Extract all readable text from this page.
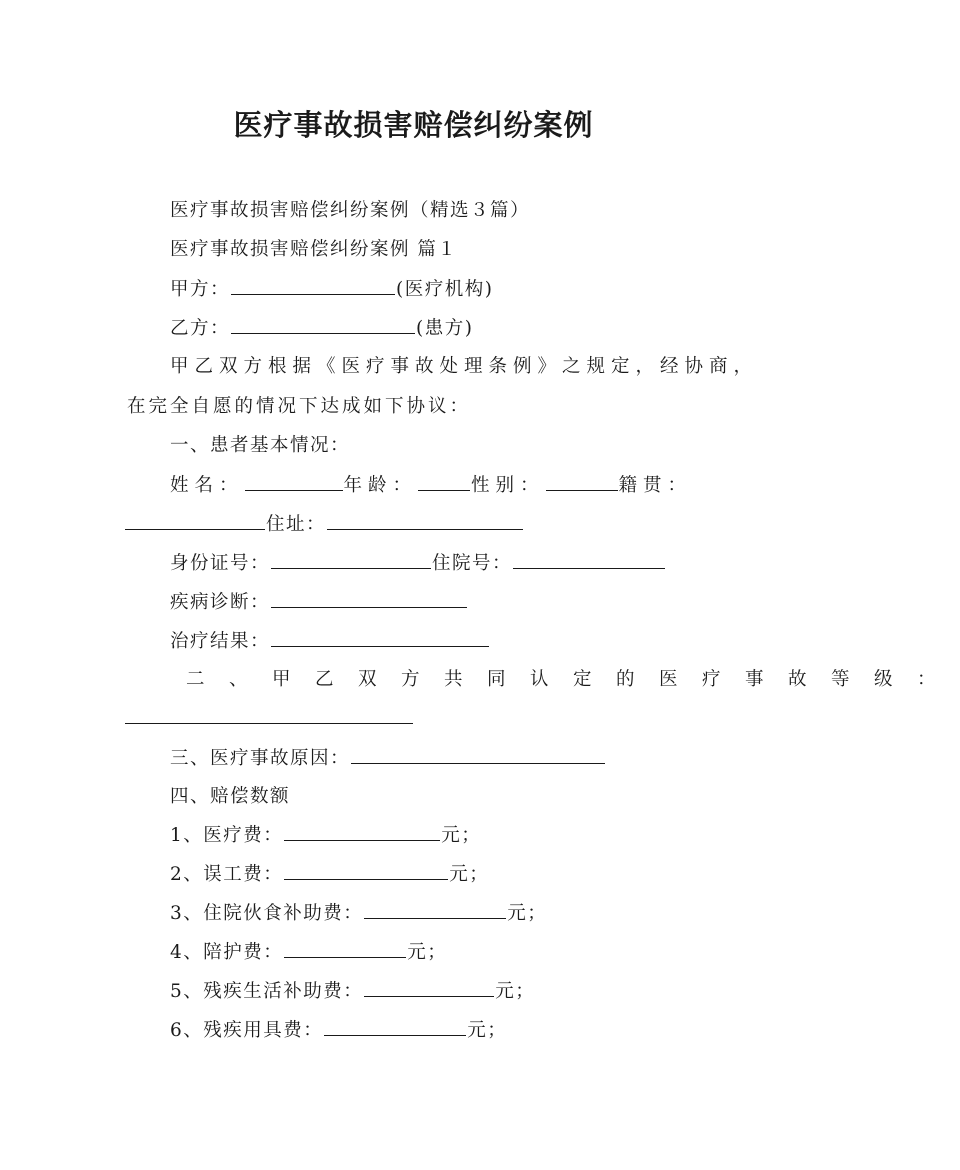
医疗事故损害赔偿纠纷案例
医疗事故损害赔偿纠纷案例（精选３篇）
医疗事故损害赔偿纠纷案例 篇１
甲方：	(医疗机构)
乙方：	(患方)
甲乙双方根据《医疗事故处理条例》之规定，经协商，
在完全自愿的情况下达成如下协议：
一、患者基本情况：
姓名：	年龄：	性别：	籍贯：
住址：
身份证号：	住院号：
疾病诊断：
治疗结果：
二、甲乙双方共同认定的医疗事故等级：
三、医疗事故原因：
四、赔偿数额
1、医疗费：	元；
2、误工费：	元；
3、住院伙食补助费：	元；
4、陪护费：	元；
5、残疾生活补助费：	元；
6、残疾用具费：	元；
